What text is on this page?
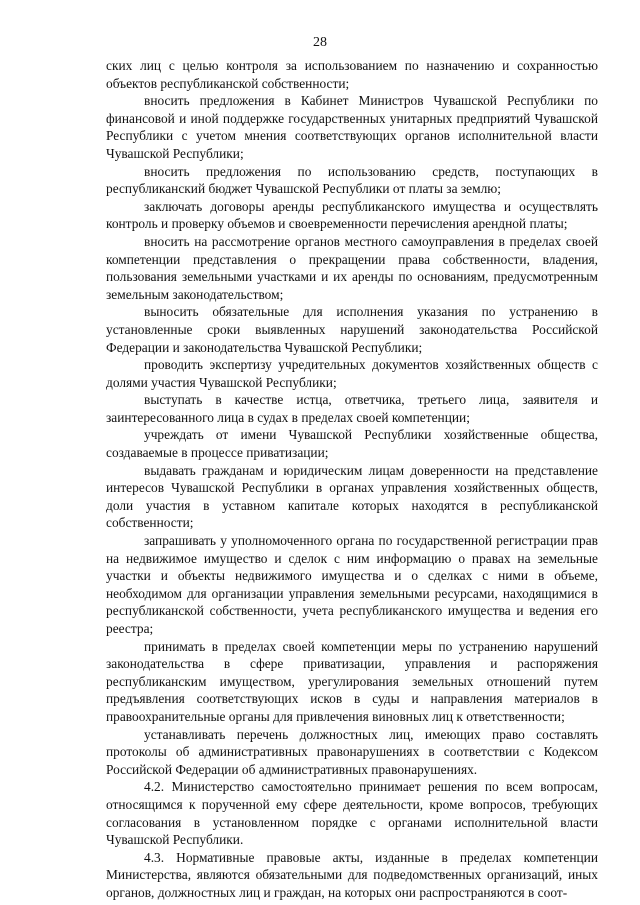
28

ских лиц с целью контроля за использованием по назначению и сохранностью объектов республиканской собственности;

вносить предложения в Кабинет Министров Чувашской Республики по финансовой и иной поддержке государственных унитарных предприятий Чувашской Республики с учетом мнения соответствующих органов исполнительной власти Чувашской Республики;

вносить предложения по использованию средств, поступающих в республиканский бюджет Чувашской Республики от платы за землю;

заключать договоры аренды республиканского имущества и осуществлять контроль и проверку объемов и своевременности перечисления арендной платы;

вносить на рассмотрение органов местного самоуправления в пределах своей компетенции представления о прекращении права собственности, владения, пользования земельными участками и их аренды по основаниям, предусмотренным земельным законодательством;

выносить обязательные для исполнения указания по устранению в установленные сроки выявленных нарушений законодательства Российской Федерации и законодательства Чувашской Республики;

проводить экспертизу учредительных документов хозяйственных обществ с долями участия Чувашской Республики;

выступать в качестве истца, ответчика, третьего лица, заявителя и заинтересованного лица в судах в пределах своей компетенции;

учреждать от имени Чувашской Республики хозяйственные общества, создаваемые в процессе приватизации;

выдавать гражданам и юридическим лицам доверенности на представление интересов Чувашской Республики в органах управления хозяйственных обществ, доли участия в уставном капитале которых находятся в республиканской собственности;

запрашивать у уполномоченного органа по государственной регистрации прав на недвижимое имущество и сделок с ним информацию о правах на земельные участки и объекты недвижимого имущества и о сделках с ними в объеме, необходимом для организации управления земельными ресурсами, находящимися в республиканской собственности, учета республиканского имущества и ведения его реестра;

принимать в пределах своей компетенции меры по устранению нарушений законодательства в сфере приватизации, управления и распоряжения республиканским имуществом, урегулирования земельных отношений путем предъявления соответствующих исков в суды и направления материалов в правоохранительные органы для привлечения виновных лиц к ответственности;

устанавливать перечень должностных лиц, имеющих право составлять протоколы об административных правонарушениях в соответствии с Кодексом Российской Федерации об административных правонарушениях.

4.2. Министерство самостоятельно принимает решения по всем вопросам, относящимся к порученной ему сфере деятельности, кроме вопросов, требующих согласования в установленном порядке с органами исполнительной власти Чувашской Республики.

4.3. Нормативные правовые акты, изданные в пределах компетенции Министерства, являются обязательными для подведомственных организаций, иных органов, должностных лиц и граждан, на которых они распространяются в соот-
